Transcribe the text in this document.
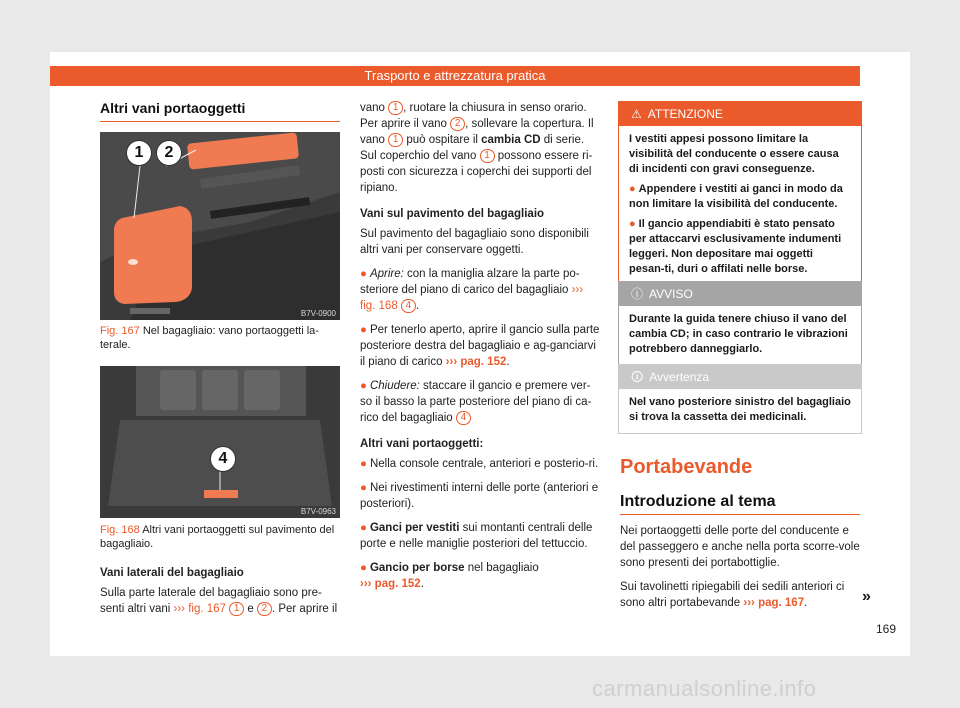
Trasporto e attrezzatura pratica
Altri vani portaoggetti
1	2
B7V-0900
Fig. 167 Nel bagagliaio: vano portaoggetti la-terale.
4
B7V-0963
Fig. 168 Altri vani portaoggetti sul pavimento del bagagliaio.
Vani laterali del bagagliaio
Sulla parte laterale del bagagliaio sono pre-senti altri vani ››› fig. 167 1 e 2 . Per aprire il

vano 1 , ruotare la chiusura in senso orario. Per aprire il vano 2 , sollevare la copertura. Il vano 1 può ospitare il cambia CD di serie. Sul coperchio del vano 1 possono essere ri-posti con sicurezza i coperchi dei supporti del ripiano.

Vani sul pavimento del bagagliaio

Sul pavimento del bagagliaio sono disponibili altri vani per conservare oggetti.

● Aprire: con la maniglia alzare la parte po-steriore del piano di carico del bagagliaio ››› fig. 168 4 .

● Per tenerlo aperto, aprire il gancio sulla parte posteriore destra del bagagliaio e ag-ganciarvi il piano di carico ››› pag. 152.

● Chiudere: staccare il gancio e premere ver-so il basso la parte posteriore del piano di ca-rico del bagagliaio 4

Altri vani portaoggetti:

● Nella console centrale, anteriori e posterio-ri.

● Nei rivestimenti interni delle porte (anteriori e posteriori).

● Ganci per vestiti sui montanti centrali delle porte e nelle maniglie posteriori del tettuccio.

● Gancio per borse nel bagagliaio
››› pag. 152.

⚠ ATTENZIONE

I vestiti appesi possono limitare la visibilità del conducente o essere causa di incidenti con gravi conseguenze.

● Appendere i vestiti ai ganci in modo da non limitare la visibilità del conducente.

● Il gancio appendiabiti è stato pensato per attaccarvi esclusivamente indumenti leggeri. Non depositare mai oggetti pesan-ti, duri o affilati nelle borse.

ⓘ AVVISO
Durante la guida tenere chiuso il vano del cambia CD; in caso contrario le vibrazioni potrebbero danneggiarlo.
🛈 Avvertenza
Nel vano posteriore sinistro del bagagliaio si trova la cassetta dei medicinali.
Portabevande
Introduzione al tema

Nei portaoggetti delle porte del conducente e del passeggero e anche nella porta scorre-vole sono presenti dei portabottiglie.

Sui tavolinetti ripiegabili dei sedili anteriori ci sono altri portabevande ››› pag. 167.	»
169
carmanualsonline.info
